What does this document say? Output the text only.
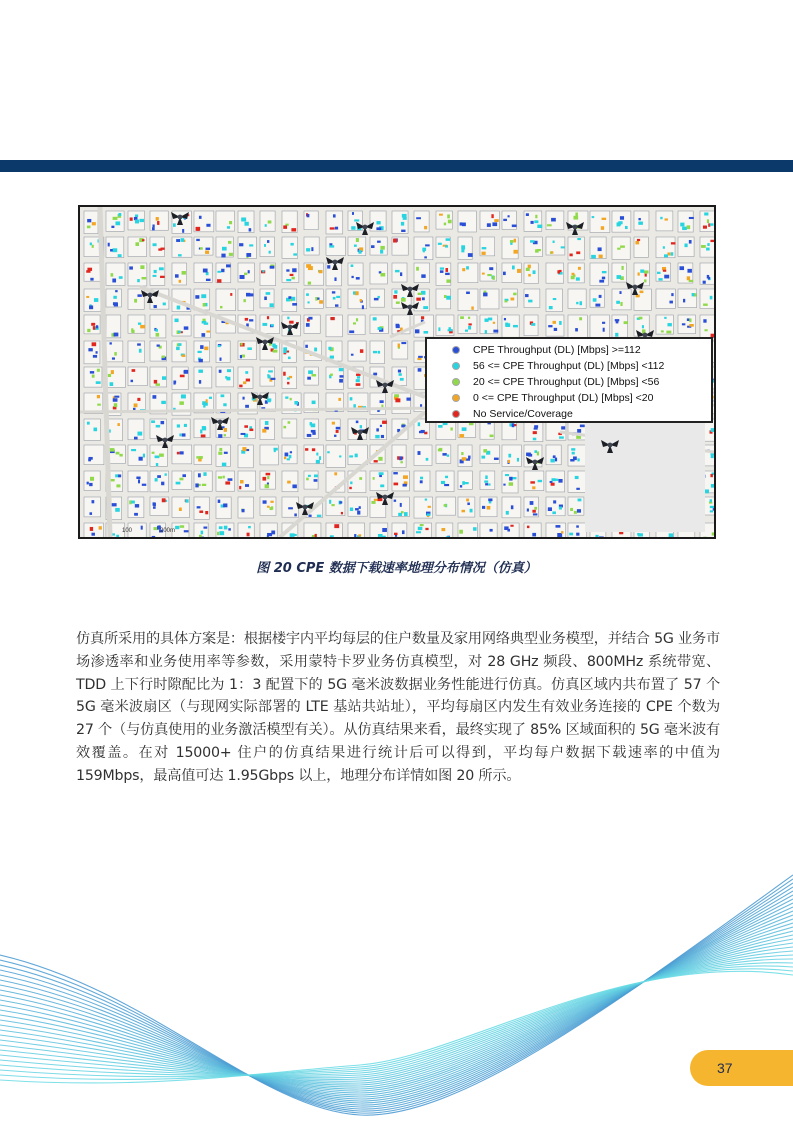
CPE Throughput (DL) [Mbps] >=112
56 <= CPE Throughput (DL) [Mbps] <112
20 <= CPE Throughput (DL) [Mbps] <56
0 <= CPE Throughput (DL) [Mbps] <20
No Service/Coverage
100	200m
图 20 CPE 数据下载速率地理分布情况（仿真）
仿真所采用的具体方案是：根据楼宇内平均每层的住户数量及家用网络典型业务模型，并结合 5G 业务市场渗透率和业务使用率等参数，采用蒙特卡罗业务仿真模型，对 28 GHz 频段、800MHz 系统带宽、TDD 上下行时隙配比为 1：3 配置下的 5G 毫米波数据业务性能进行仿真。仿真区域内共布置了 57 个 5G 毫米波扇区（与现网实际部署的 LTE 基站共站址），平均每扇区内发生有效业务连接的 CPE 个数为 27 个（与仿真使用的业务激活模型有关）。从仿真结果来看，最终实现了 85% 区域面积的 5G 毫米波有效覆盖。在对 15000+ 住户的仿真结果进行统计后可以得到，平均每户数据下载速率的中值为 159Mbps，最高值可达 1.95Gbps 以上，地理分布详情如图 20 所示。
37
